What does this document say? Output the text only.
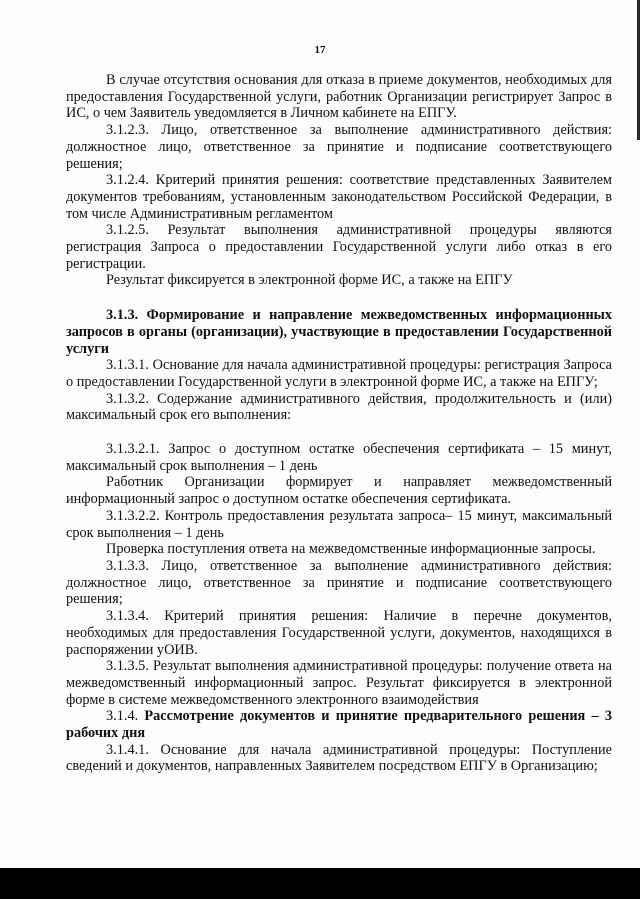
17

В случае отсутствия основания для отказа в приеме документов, необходимых для предоставления Государственной услуги, работник Организации регистрирует Запрос в ИС, о чем Заявитель уведомляется в Личном кабинете на ЕПГУ.

3.1.2.3. Лицо, ответственное за выполнение административного действия: должностное лицо, ответственное за принятие и подписание соответствующего решения;

3.1.2.4. Критерий принятия решения: соответствие представленных Заявителем документов требованиям, установленным законодательством Российской Федерации, в том числе Административным регламентом

3.1.2.5. Результат выполнения административной процедуры являются регистрация Запроса о предоставлении Государственной услуги либо отказ в его регистрации.

Результат фиксируется в электронной форме ИС, а также на ЕПГУ

3.1.3. Формирование и направление межведомственных информационных запросов в органы (организации), участвующие в предоставлении Государственной услуги

3.1.3.1. Основание для начала административной процедуры: регистрация Запроса о предоставлении Государственной услуги в электронной форме ИС, а также на ЕПГУ;

3.1.3.2. Содержание административного действия, продолжительность и (или) максимальный срок его выполнения:

3.1.3.2.1. Запрос о доступном остатке обеспечения сертификата – 15 минут, максимальный срок выполнения – 1 день

Работник Организации формирует и направляет межведомственный информационный запрос о доступном остатке обеспечения сертификата.

3.1.3.2.2. Контроль предоставления результата запроса– 15 минут, максимальный срок выполнения – 1 день

Проверка поступления ответа на межведомственные информационные запросы.

3.1.3.3. Лицо, ответственное за выполнение административного действия: должностное лицо, ответственное за принятие и подписание соответствующего решения;

3.1.3.4. Критерий принятия решения: Наличие в перечне документов, необходимых для предоставления Государственной услуги, документов, находящихся в распоряжении уОИВ.

3.1.3.5. Результат выполнения административной процедуры: получение ответа на межведомственный информационный запрос. Результат фиксируется в электронной форме в системе межведомственного электронного взаимодействия

3.1.4. Рассмотрение документов и принятие предварительного решения – 3 рабочих дня

3.1.4.1. Основание для начала административной процедуры: Поступление сведений и документов, направленных Заявителем посредством ЕПГУ в Организацию;
